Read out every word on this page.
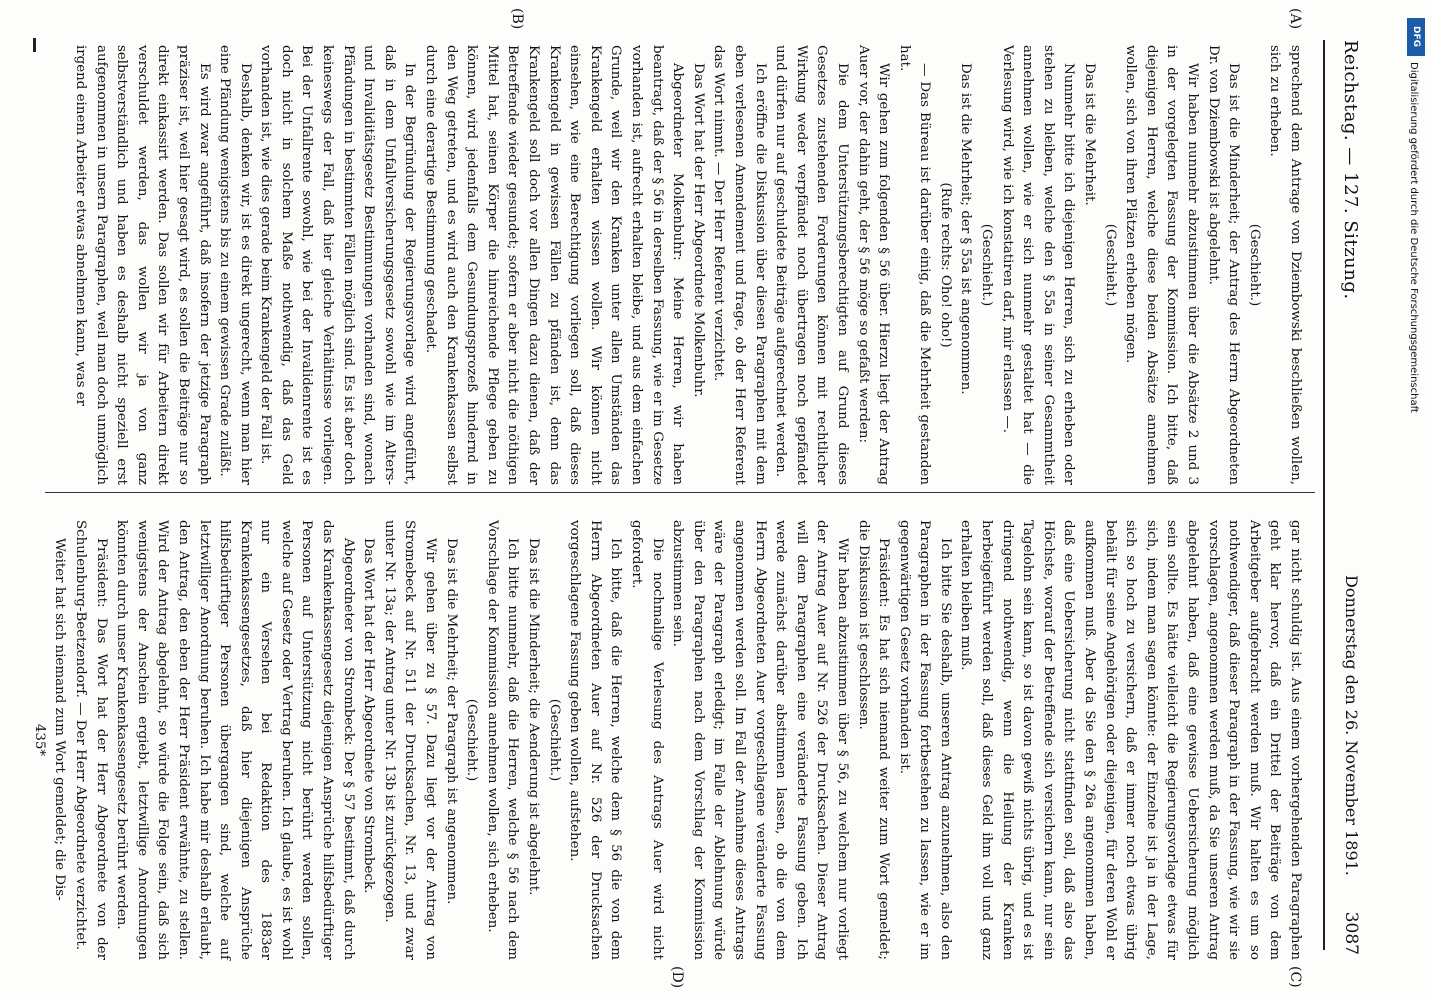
Reichstag. — 127. Sitzung.
Donnerstag den 26. November 1891.
3087
(A)
(B)
(C)
(D)

sprechend dem Antrage von Dziembowski beschließen wollen, sich zu erheben.

(Geschieht.)

Das ist die Minderheit; der Antrag des Herrn Abgeordneten Dr. von Dziembowski ist abgelehnt.

Wir haben nunmehr abzustimmen über die Absätze 2 und 3 in der vorgelegten Fassung der Kommission. Ich bitte, daß diejenigen Herren, welche diese beiden Absätze annehmen wollen, sich von ihren Plätzen erheben mögen.

(Geschieht.)

Das ist die Mehrheit.

Nunmehr bitte ich diejenigen Herren, sich zu erheben oder stehen zu bleiben, welche den § 55a in seiner Gesammtheit annehmen wollen, wie er sich nunmehr gestaltet hat — die Verlesung wird, wie ich konstatiren darf, mir erlassen —.

(Geschieht.)

Das ist die Mehrheit; der § 55a ist angenommen.

(Rufe rechts: Oho! oho!)

— Das Büreau ist darüber einig, daß die Mehrheit gestanden hat.

Wir gehen zum folgenden § 56 über. Hierzu liegt der Antrag Auer vor, der dahin geht, der § 56 möge so gefaßt werden:

Die dem Unterstützungsberechtigten auf Grund dieses Gesetzes zustehenden Forderungen können mit rechtlicher Wirkung weder verpfändet noch übertragen noch gepfändet und dürfen nur auf geschuldete Beiträge aufgerechnet werden.

Ich eröffne die Diskussion über diesen Paragraphen mit dem eben verlesenen Amendement und frage, ob der Herr Referent das Wort nimmt. — Der Herr Referent verzichtet.

Das Wort hat der Herr Abgeordnete Molkenbuhr.

Abgeordneter Molkenbuhr: Meine Herren, wir haben beantragt, daß der § 56 in derselben Fassung, wie er im Gesetze vorhanden ist, aufrecht erhalten bleibe, und aus dem einfachen Grunde, weil wir den Kranken unter allen Umständen das Krankengeld erhalten wissen wollen. Wir können nicht einsehen, wie eine Berechtigung vorliegen soll, daß dieses Krankengeld in gewissen Fällen zu pfänden ist, denn das Krankengeld soll doch vor allen Dingen dazu dienen, daß der Betreffende wieder gesundet; sofern er aber nicht die nöthigen Mittel hat, seinen Körper die hinreichende Pflege geben zu können, wird jedenfalls dem Gesundungsprozeß hindernd in den Weg getreten, und es wird auch den Krankenkassen selbst durch eine derartige Bestimmung geschadet.

In der Begründung der Regierungsvorlage wird angeführt, daß in dem Unfallversicherungsgesetz sowohl wie im Alters- und Invaliditätsgesetz Bestimmungen vorhanden sind, wonach Pfändungen in bestimmten Fällen möglich sind. Es ist aber doch keineswegs der Fall, daß hier gleiche Verhältnisse vorliegen. Bei der Unfallrente sowohl, wie bei der Invalidenrente ist es doch nicht in solchem Maße nothwendig, daß das Geld vorhanden ist, wie dies gerade beim Krankengeld der Fall ist.

Deshalb, denken wir, ist es direkt ungerecht, wenn man hier eine Pfändung wenigstens bis zu einem gewissen Grade zuläßt.

Es wird zwar angeführt, daß insofern der jetzige Paragraph präziser ist, weil hier gesagt wird, es sollen die Beiträge nur so direkt einkassirt werden. Das sollen wir für Arbeitern direkt verschuldet werden, das wollen wir ja von ganz selbstverständlich und haben es deshalb nicht speziell erst aufgenommen in unsern Paragraphen, weil man doch unmöglich irgend einem Arbeiter etwas abnehmen kann, was er

gar nicht schuldig ist. Aus einem vorhergehenden Paragraphen geht klar hervor, daß ein Drittel der Beiträge von dem Arbeitgeber aufgebracht werden muß. Wir halten es um so nothwendiger, daß dieser Paragraph in der Fassung, wie wir sie vorschlagen, angenommen werden muß, da Sie unseren Antrag abgelehnt haben, daß eine gewisse Uebersicherung möglich sein sollte. Es hätte vielleicht die Regierungsvorlage etwas für sich, indem man sagen könnte: der Einzelne ist ja in der Lage, sich so hoch zu versichern, daß er immer noch etwas übrig behält für seine Angehörigen oder diejenigen, für deren Wohl er aufkommen muß. Aber da Sie den § 26a angenommen haben, daß eine Uebersicherung nicht stattfinden soll, daß also das Höchste, worauf der Betreffende sich versichern kann, nur sein Tagelohn sein kann, so ist davon gewiß nichts übrig, und es ist dringend nothwendig, wenn die Heilung der Kranken herbeigeführt werden soll, daß dieses Geld ihm voll und ganz erhalten bleiben muß.

Ich bitte Sie deshalb, unseren Antrag anzunehmen, also den Paragraphen in der Fassung fortbestehen zu lassen, wie er im gegenwärtigen Gesetz vorhanden ist.

Präsident: Es hat sich niemand weiter zum Wort gemeldet; die Diskussion ist geschlossen.

Wir haben abzustimmen über § 56, zu welchem nur vorliegt der Antrag Auer auf Nr. 526 der Drucksachen. Dieser Antrag will dem Paragraphen eine veränderte Fassung geben. Ich werde zunächst darüber abstimmen lassen, ob die von dem Herrn Abgeordneten Auer vorgeschlagene veränderte Fassung angenommen werden soll. Im Fall der Annahme dieses Antrags wäre der Paragraph erledigt; im Falle der Ablehnung würde über den Paragraphen nach dem Vorschlag der Kommission abzustimmen sein.

Die nochmalige Verlesung des Antrags Auer wird nicht gefordert.

Ich bitte, daß die Herren, welche dem § 56 die von dem Herrn Abgeordneten Auer auf Nr. 526 der Drucksachen vorgeschlagene Fassung geben wollen, aufstehen.

(Geschieht.)

Das ist die Minderheit; die Aenderung ist abgelehnt.

Ich bitte nunmehr, daß die Herren, welche § 56 nach dem Vorschlage der Kommission annehmen wollen, sich erheben.

(Geschieht.)

Das ist die Mehrheit; der Paragraph ist angenommen.

Wir gehen über zu § 57. Dazu liegt vor der Antrag von Stromebeck auf Nr. 511 der Drucksachen, Nr. 13, und zwar unter Nr. 13a; der Antrag unter Nr. 13b ist zurückgezogen.

Das Wort hat der Herr Abgeordnete von Strombeck.

Abgeordneter von Strombeck: Der § 57 bestimmt, daß durch das Krankenkassengesetz diejenigen Ansprüche hilfsbedürftiger Personen auf Unterstützung nicht berührt werden sollen, welche auf Gesetz oder Vertrag beruhen. Ich glaube, es ist wohl nur ein Versehen bei Redaktion des 1883er Krankenkassengesetzes, daß hier diejenigen Ansprüche hilfsbedürftiger Personen übergangen sind, welche auf letztwilliger Anordnung beruhen. Ich habe mir deshalb erlaubt, den Antrag, den eben der Herr Präsident erwähnte, zu stellen. Wird der Antrag abgelehnt, so würde die Folge sein, daß sich wenigstens der Anschein ergiebt, letztwillige Anordnungen könnten durch unser Krankenkassengesetz berührt werden.

Präsident: Das Wort hat der Herr Abgeordnete von der Schulenburg-Beetzendorf. — Der Herr Abgeordnete verzichtet.

Weiter hat sich niemand zum Wort gemeldet; die Dis-

435*

DFG
Digitalisierung gefördert durch die Deutsche Forschungsgemeinschaft
